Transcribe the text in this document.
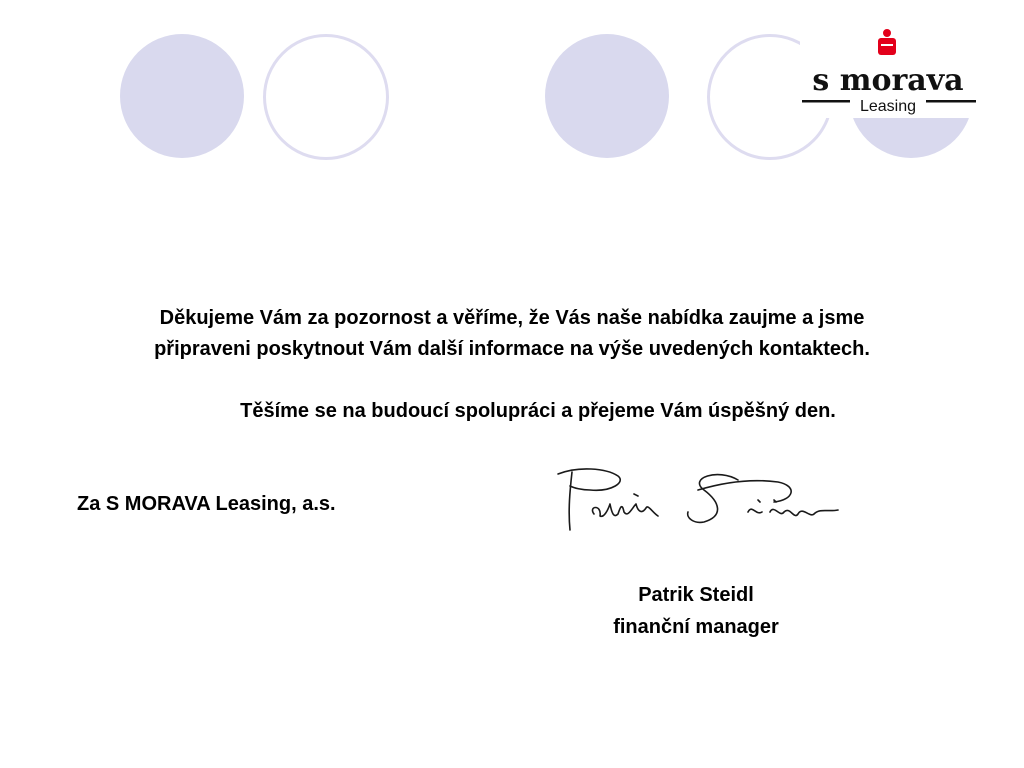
s morava
Leasing
Děkujeme Vám za pozornost a věříme, že Vás naše nabídka zaujme a jsme
připraveni poskytnout Vám další informace na výše uvedených kontaktech.
Těšíme se na budoucí spolupráci a přejeme Vám úspěšný den.
Za S MORAVA Leasing, a.s.
Patrik Steidl
finanční manager
